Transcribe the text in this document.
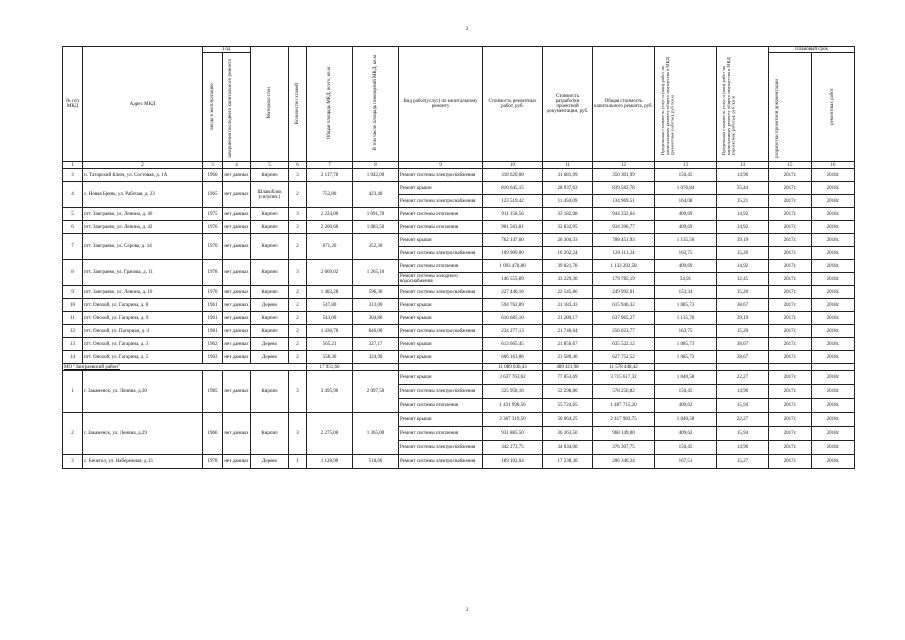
2
№ п/п МКД	Адрес МКД	Год		Материал стен	Количество этажей	Общая площадь МКД, всего, кв.м	В том числе площадь помещений МКД, кв.м	Вид работ(услуг) по капитальному ремонту	Стоимость ремонтных работ, руб.	Стоимость разработки проектной документации, руб.	Общая стоимость капитального ремонта, руб.	Предельная стоимость услуг и (или) работ по капитальному ремонту общего имущества в МКД (ремонтные работы), руб./кв.м	Предельная стоимость услуг и (или) работ по капитальному ремонту общего имущества в МКД (проектные работы), руб./кв.м	Плановый срок	
		ввода в эксплуатацию	завершения последнего капитального ремонта											разработки проектной документации	ремонтных работ
1	2	3	4	5	6	7	8	9	10	11	12	13	14	15	16
3	п. Татарский Ключ, ул. Состовая, д. 1А	1960	нет данных	Кирпич	3	2 117,78	1 042,00	Ремонт системы электроснабжения	318 620,00	31 681,99	350 301,99	150,45	14,96	2017г.	2018г.
4	с. Новая Брянь, ул. Рабочая, д. 23	1965	нет данных	Шлакоблок (силупит.)	2	752,80	423,40	Ремонт крыши	810 645,15	28 937,63	839 582,78	1 076,84	35,44	2017г.	2018г.
								Ремонт системы электроснабжения	123 519,42	11 450,09	134 969,51	164,08	15,21	2017г.	2018г.
5	пгт. Заиграево, ул. Ленина, д. 40	1975	нет данных	Кирпич	3	2 224,00	1 091,70	Ремонт системы отопления	911 150,56	33 182,08	944 332,64	409,69	14,92	2017г.	2018г.
6	пгт. Заиграево, ул. Ленина, д. 42	1976	нет данных	Кирпич	3	2 200,60	1 083,50	Ремонт системы отопления	901 563,81	32 832,95	934 396,77	409,69	14,92	2017г.	2018г.
7	пгт. Заиграево, ул. Серова, д. 14	1970	нет данных	Кирпич	2	671,20	352,30	Ремонт крыши	762 147,60	26 304,33	788 451,93	1 135,50	39,19	2017г.	2018г.
								Ремонт системы электроснабжения	109 909,00	10 202,24	120 111,24	163,75	15,20	2017г.	2018г.
8	пгт. Заиграево, ул. Грачова, д. 11	1978	нет данных	Кирпич	3	2 669,02	1 265,10	Ремонт системы отопления	1 093 470,80	39 821,78	1 133 292,58	409,69	14,92	2017г.	2018г.
								Ремонт системы холодного водоснабжения	146 555,89	33 229,30	179 785,19	54,91	12,45	2017г.	2018г.
9	пгт. Заиграево, ул. Ленина, д. 10	1970	нет данных	Кирпич	2	1 483,28	596,30	Ремонт системы электроснабжения	227 446,16	22 545,86	249 992,01	153,34	15,20	2017г.	2018г.
10	пгт. Онохой, ул. Гагарина, д. 8	1961	нет данных	Дерево	2	547,80	313,00	Ремонт крыши	594 762,89	21 183,43	615 946,32	1 085,73	38,67	2017г.	2018г.
11	пгт. Онохой, ул. Гагарина, д. 9	1961	нет данных	Кирпич	2	543,00	304,80	Ремонт крыши	616 685,10	21 280,17	637 965,27	1 135,70	39,19	2017г.	2018г.
12	пгт. Онохой, ул. Пагорная, д. 4	1981	нет данных	Кирпич	2	1 430,70	846,00	Ремонт системы электроснабжения	234 277,13	21 746,64	256 023,77	163,75	15,20	2017г.	2018г.
13	пгт. Онохой, ул. Гагарина, д. 3	1962	нет данных	Дерево	2	565,21	327,17	Ремонт крыши	613 665,45	21 856,67	635 522,12	1 085,73	38,67	2017г.	2018г.
14	пгт. Онохой, ул. Гагарина, д. 5	1963	нет данных	Дерево	2	558,30	324,90	Ремонт крыши	606 163,06	21 589,46	627 752,52	1 085,73	38,67	2017г.	2018г.
МО "Заиграевский район"						17 951,60			11 089 036,43	489 411,98	11 578 448,42				
1	г. Закаменск, ул. Ленина, д.30	1985	нет данных	Кирпич	3	3 495,90	2 097,50	Ремонт крыши	3 637 763,62	77 853,69	3 715 617,32	1 040,58	22,27	2017г.	2018г.
								Ремонт системы электроснабжения	525 958,16	52 298,86	578 256,82	150,45	14,96	2017г.	2018г.
								Ремонт системы отопления	1 431 990,56	55 724,65	1 487 715,20	409,62	15,94	2017г.	2018г.
2	г. Закаменск, ул. Ленина, д.29	1966	нет данных	Кирпич	3	2 275,00	1 365,00	Ремонт крыши	2 367 319,50	50 664,25	2 417 983,75	1 040,58	22,27	2017г.	2018г.
								Ремонт системы отопления	931 885,50	36 263,50	968 149,00	409,62	15,94	2017г.	2018г.
								Ремонт системы электроснабжения	342 273,75	34 034,00	376 307,75	150,45	14,96	2017г.	2018г.
3	с. Бичегол, ул. Набережная, д.15	1978	нет данных	Дерево	1	1 128,90	518,60	Ремонт системы электроснабжения	189 102,04	17 238,30	206 340,34	167,51	15,27	2017г.	2018г.
2
